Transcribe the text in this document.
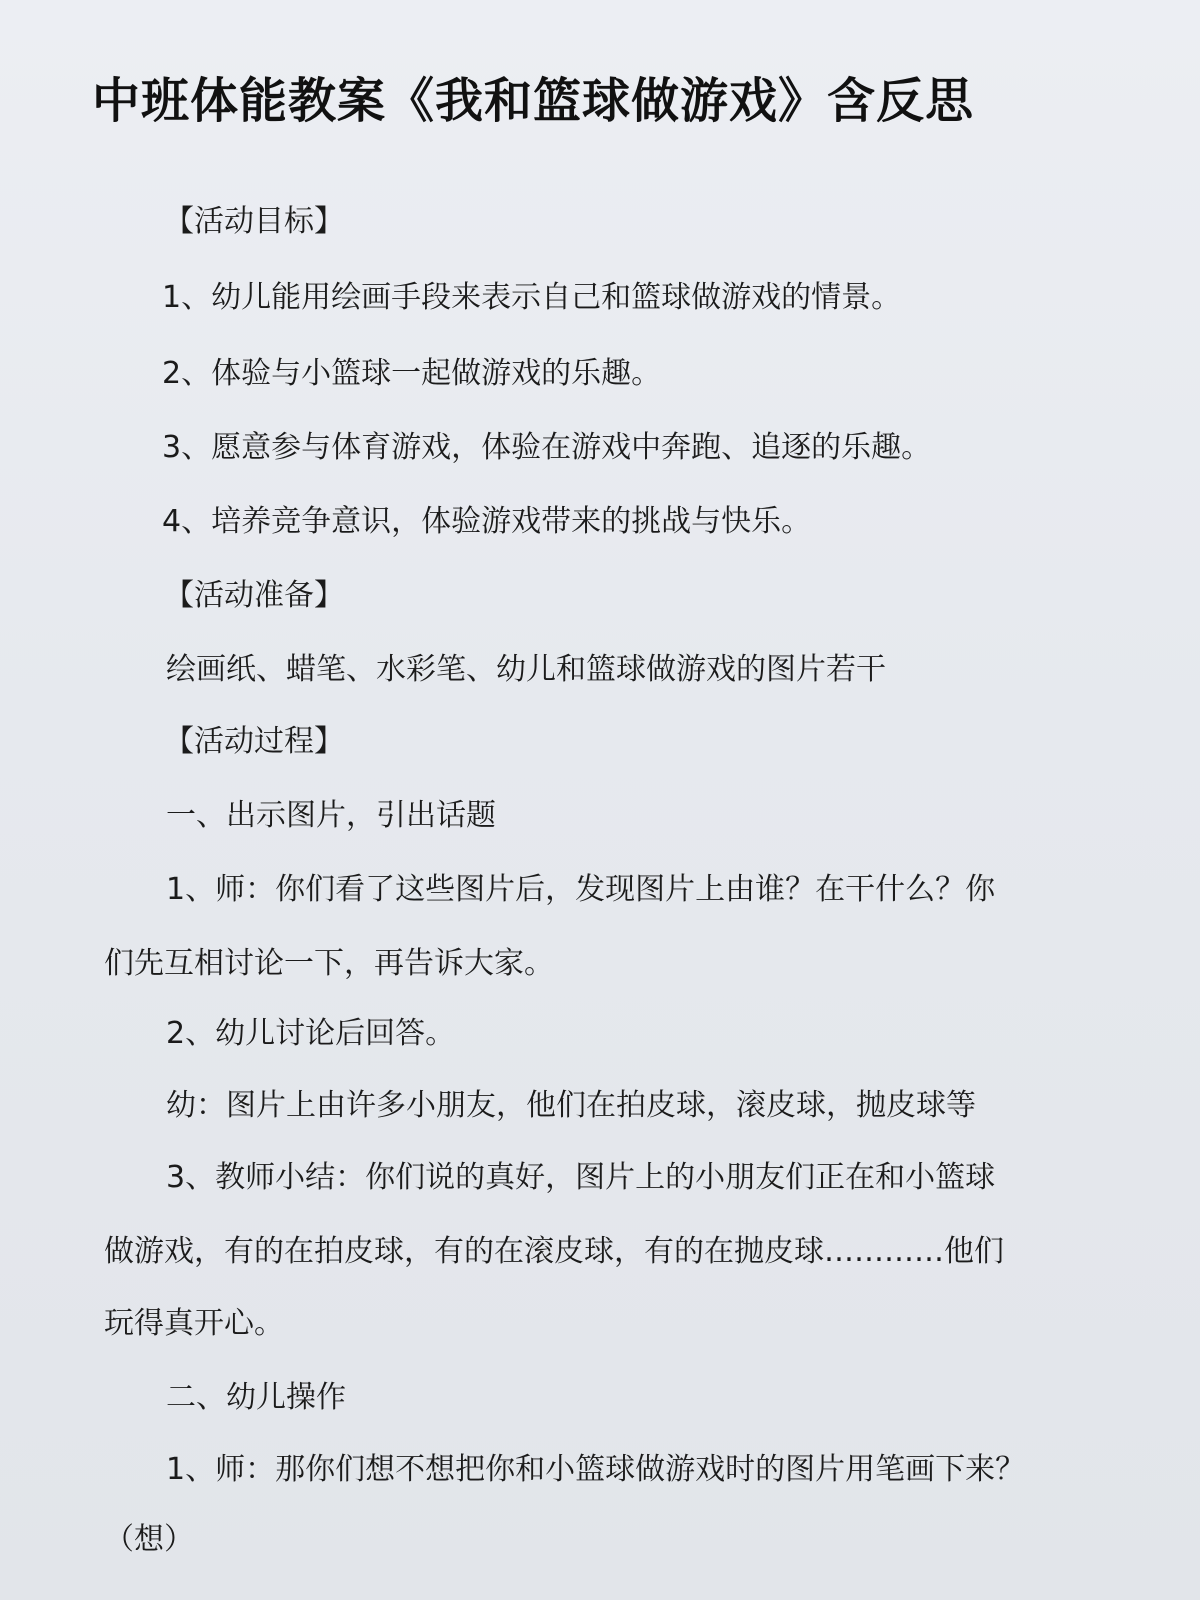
中班体能教案《我和篮球做游戏》含反思
【活动目标】
1、幼儿能用绘画手段来表示自己和篮球做游戏的情景。
2、体验与小篮球一起做游戏的乐趣。
3、愿意参与体育游戏，体验在游戏中奔跑、追逐的乐趣。
4、培养竞争意识，体验游戏带来的挑战与快乐。
【活动准备】
绘画纸、蜡笔、水彩笔、幼儿和篮球做游戏的图片若干
【活动过程】
一、出示图片，引出话题
1、师：你们看了这些图片后，发现图片上由谁？在干什么？你
们先互相讨论一下，再告诉大家。
2、幼儿讨论后回答。
幼：图片上由许多小朋友，他们在拍皮球，滚皮球，抛皮球等
3、教师小结：你们说的真好，图片上的小朋友们正在和小篮球
做游戏，有的在拍皮球，有的在滚皮球，有的在抛皮球…………他们
玩得真开心。
二、幼儿操作
1、师：那你们想不想把你和小篮球做游戏时的图片用笔画下来？
（想）
